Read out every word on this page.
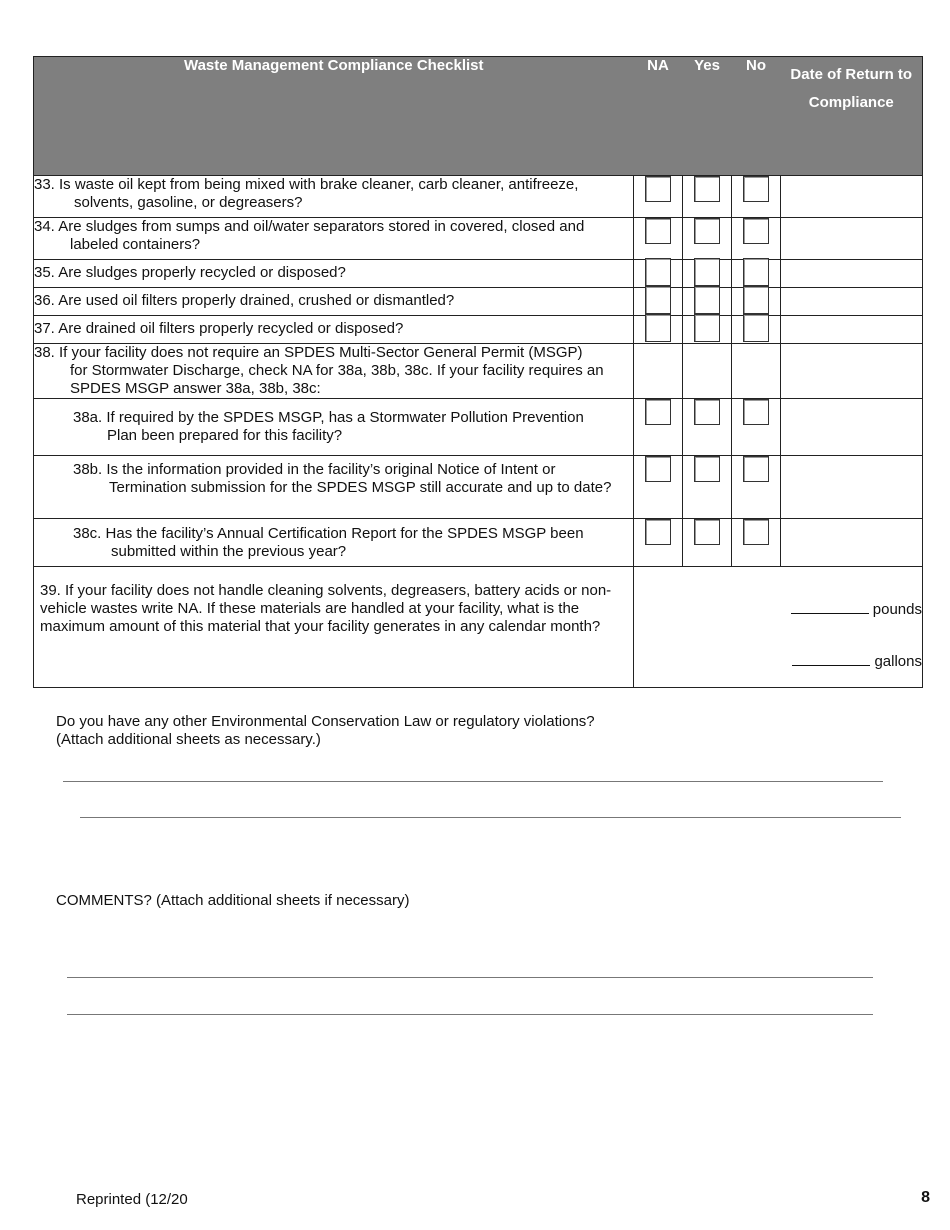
Waste Management Compliance Checklist	NA	Yes	No	Date of Return to
Compliance

33. Is waste oil kept from being mixed with brake cleaner, carb cleaner, antifreeze,
solvents, gasoline, or degreasers?				

34. Are sludges from sumps and oil/water separators stored in covered, closed and
labeled containers?				

35. Are sludges properly recycled or disposed?				
36. Are used oil filters properly drained, crushed or dismantled?				
37. Are drained oil filters properly recycled or disposed?				
38. If your facility does not require an SPDES Multi-Sector General Permit (MSGP)
for Stormwater Discharge, check NA for 38a, 38b, 38c. If your facility requires an SPDES MSGP answer 38a, 38b, 38c:				

38a. If required by the SPDES MSGP, has a Stormwater Pollution Prevention
Plan been prepared for this facility?				

38b. Is the information provided in the facility’s original Notice of Intent or
Termination submission for the SPDES MSGP still accurate and up to date?				

38c. Has the facility’s Annual Certification Report for the SPDES MSGP been
submitted within the previous year?				

39. If your facility does not handle cleaning solvents, degreasers, battery acids or non-vehicle wastes write NA. If these materials are handled at your facility, what is the maximum amount of this material that your facility generates in any calendar month?	pounds
gallons			
Do you have any other Environmental Conservation Law or regulatory violations?
(Attach additional sheets as necessary.)
COMMENTS? (Attach additional sheets if necessary)
Reprinted (12/20	8
